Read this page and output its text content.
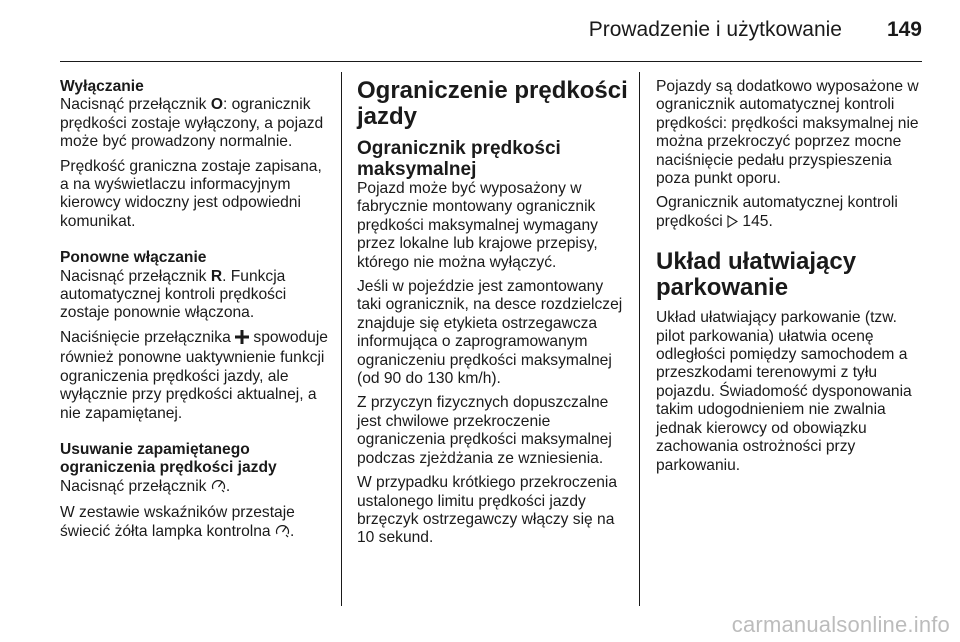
Prowadzenie i użytkowanie 149

Wyłączanie

Nacisnąć przełącznik O: ogranicznik prędkości zostaje wyłączony, a pojazd może być prowadzony normalnie.

Prędkość graniczna zostaje zapisana, a na wyświetlaczu informacyjnym kierowcy widoczny jest odpowiedni komunikat.

Ponowne włączanie

Nacisnąć przełącznik R. Funkcja automatycznej kontroli prędkości zostaje ponownie włączona.

Naciśnięcie przełącznika  spowoduje również ponowne uaktywnienie funkcji ograniczenia prędkości jazdy, ale wyłącznie przy prędkości aktualnej, a nie zapamiętanej.

Usuwanie zapamiętanego ograniczenia prędkości jazdy

Nacisnąć przełącznik .

W zestawie wskaźników przestaje świecić żółta lampka kontrolna .

Ograniczenie prędkości jazdy

Ogranicznik prędkości maksymalnej

Pojazd może być wyposażony w fabrycznie montowany ogranicznik prędkości maksymalnej wymagany przez lokalne lub krajowe przepisy, którego nie można wyłączyć.

Jeśli w pojeździe jest zamontowany taki ogranicznik, na desce rozdzielczej znajduje się etykieta ostrzegawcza informująca o zaprogramowanym ograniczeniu prędkości maksymalnej (od 90 do 130 km/h).

Z przyczyn fizycznych dopuszczalne jest chwilowe przekroczenie ograniczenia prędkości maksymalnej podczas zjeżdżania ze wzniesienia.

W przypadku krótkiego przekroczenia ustalonego limitu prędkości jazdy brzęczyk ostrzegawczy włączy się na 10 sekund.

Pojazdy są dodatkowo wyposażone w ogranicznik automatycznej kontroli prędkości: prędkości maksymalnej nie można przekroczyć poprzez mocne naciśnięcie pedału przyspieszenia poza punkt oporu.

Ogranicznik automatycznej kontroli prędkości  145.

Układ ułatwiający parkowanie

Układ ułatwiający parkowanie (tzw. pilot parkowania) ułatwia ocenę odległości pomiędzy samochodem a przeszkodami terenowymi z tyłu pojazdu. Świadomość dysponowania takim udogodnieniem nie zwalnia jednak kierowcy od obowiązku zachowania ostrożności przy parkowaniu.

carmanualsonline.info
